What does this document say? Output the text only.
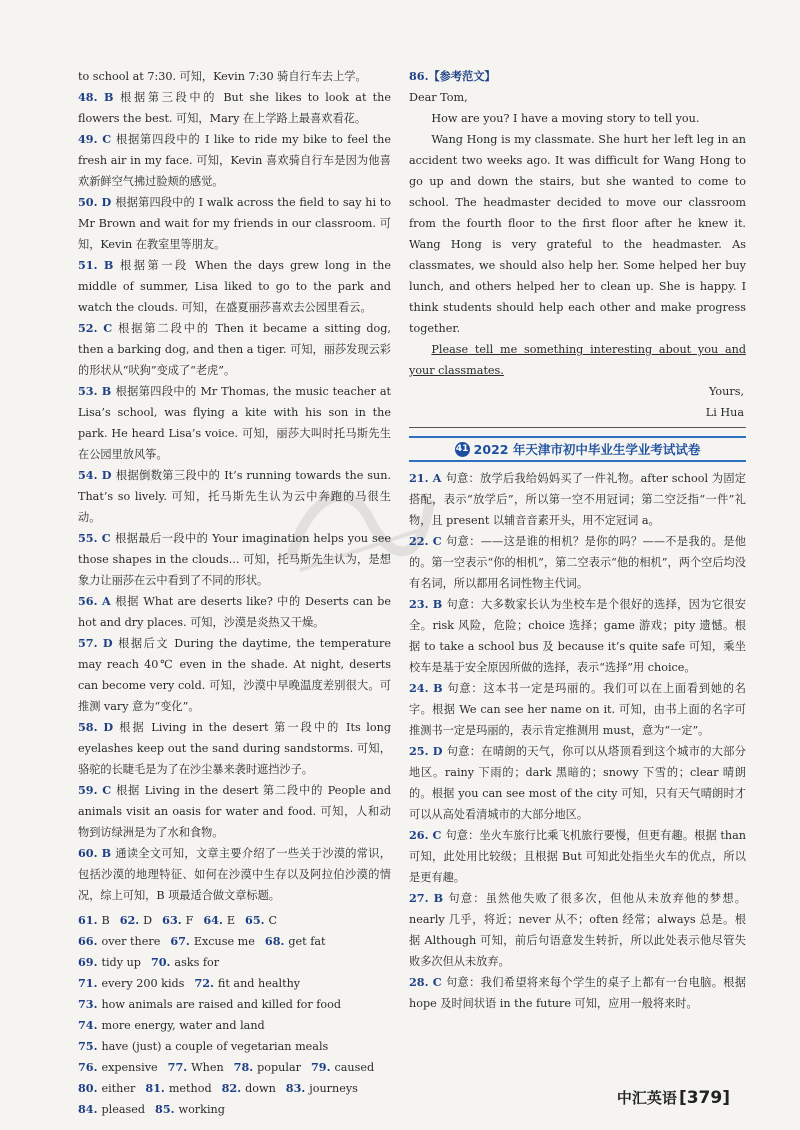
to school at 7:30. 可知，Kevin 7:30 骑自行车去上学。

48. B 根据第三段中的 But she likes to look at the flowers the best. 可知，Mary 在上学路上最喜欢看花。

49. C 根据第四段中的 I like to ride my bike to feel the fresh air in my face. 可知，Kevin 喜欢骑自行车是因为他喜欢新鲜空气拂过脸颊的感觉。

50. D 根据第四段中的 I walk across the field to say hi to Mr Brown and wait for my friends in our classroom. 可知，Kevin 在教室里等朋友。

51. B 根据第一段 When the days grew long in the middle of summer, Lisa liked to go to the park and watch the clouds. 可知，在盛夏丽莎喜欢去公园里看云。

52. C 根据第二段中的 Then it became a sitting dog, then a barking dog, and then a tiger. 可知，丽莎发现云彩的形状从“吠狗”变成了“老虎”。

53. B 根据第四段中的 Mr Thomas, the music teacher at Lisa’s school, was flying a kite with his son in the park. He heard Lisa’s voice. 可知，丽莎大叫时托马斯先生在公园里放风筝。

54. D 根据倒数第三段中的 It’s running towards the sun. That’s so lively. 可知，托马斯先生认为云中奔跑的马很生动。

55. C 根据最后一段中的 Your imagination helps you see those shapes in the clouds... 可知，托马斯先生认为，是想象力让丽莎在云中看到了不同的形状。

56. A 根据 What are deserts like? 中的 Deserts can be hot and dry places. 可知，沙漠是炎热又干燥。

57. D 根据后文 During the daytime, the temperature may reach 40℃ even in the shade. At night, deserts can become very cold. 可知，沙漠中早晚温度差别很大。可推测 vary 意为“变化”。

58. D 根据 Living in the desert 第一段中的 Its long eyelashes keep out the sand during sandstorms. 可知，骆驼的长睫毛是为了在沙尘暴来袭时遮挡沙子。

59. C 根据 Living in the desert 第二段中的 People and animals visit an oasis for water and food. 可知，人和动物到访绿洲是为了水和食物。

60. B 通读全文可知，文章主要介绍了一些关于沙漠的常识，包括沙漠的地理特征、如何在沙漠中生存以及阿拉伯沙漠的情况，综上可知，B 项最适合做文章标题。

61. B 62. D 63. F 64. E 65. C

66. over there 67. Excuse me 68. get fat

69. tidy up 70. asks for

71. every 200 kids 72. fit and healthy

73. how animals are raised and killed for food

74. more energy, water and land

75. have (just) a couple of vegetarian meals

76. expensive 77. When 78. popular 79. caused

80. either 81. method 82. down 83. journeys

84. pleased 85. working

86.【参考范文】

Dear Tom,

How are you? I have a moving story to tell you.

Wang Hong is my classmate. She hurt her left leg in an accident two weeks ago. It was difficult for Wang Hong to go up and down the stairs, but she wanted to come to school. The headmaster decided to move our classroom from the fourth floor to the first floor after he knew it. Wang Hong is very grateful to the headmaster. As classmates, we should also help her. Some helped her buy lunch, and others helped her to clean up. She is happy. I think students should help each other and make progress together.

Please tell me something interesting about you and your classmates.

Yours,

Li Hua

41 2022 年天津市初中毕业生学业考试试卷

21. A 句意：放学后我给妈妈买了一件礼物。after school 为固定搭配，表示“放学后”，所以第一空不用冠词；第二空泛指“一件”礼物，且 present 以辅音音素开头，用不定冠词 a。

22. C 句意：——这是谁的相机？是你的吗？——不是我的。是他的。第一空表示“你的相机”，第二空表示“他的相机”，两个空后均没有名词，所以都用名词性物主代词。

23. B 句意：大多数家长认为坐校车是个很好的选择，因为它很安全。risk 风险，危险；choice 选择；game 游戏；pity 遗憾。根据 to take a school bus 及 because it’s quite safe 可知，乘坐校车是基于安全原因所做的选择，表示“选择”用 choice。

24. B 句意：这本书一定是玛丽的。我们可以在上面看到她的名字。根据 We can see her name on it. 可知，由书上面的名字可推测书一定是玛丽的，表示肯定推测用 must，意为“一定”。

25. D 句意：在晴朗的天气，你可以从塔顶看到这个城市的大部分地区。rainy 下雨的；dark 黑暗的；snowy 下雪的；clear 晴朗的。根据 you can see most of the city 可知，只有天气晴朗时才可以从高处看清城市的大部分地区。

26. C 句意：坐火车旅行比乘飞机旅行要慢，但更有趣。根据 than 可知，此处用比较级；且根据 But 可知此处指坐火车的优点，所以是更有趣。

27. B 句意：虽然他失败了很多次，但他从未放弃他的梦想。nearly 几乎，将近；never 从不；often 经常；always 总是。根据 Although 可知，前后句语意发生转折，所以此处表示他尽管失败多次但从未放弃。

28. C 句意：我们希望将来每个学生的桌子上都有一台电脑。根据 hope 及时间状语 in the future 可知，应用一般将来时。

中汇英语 [379]
